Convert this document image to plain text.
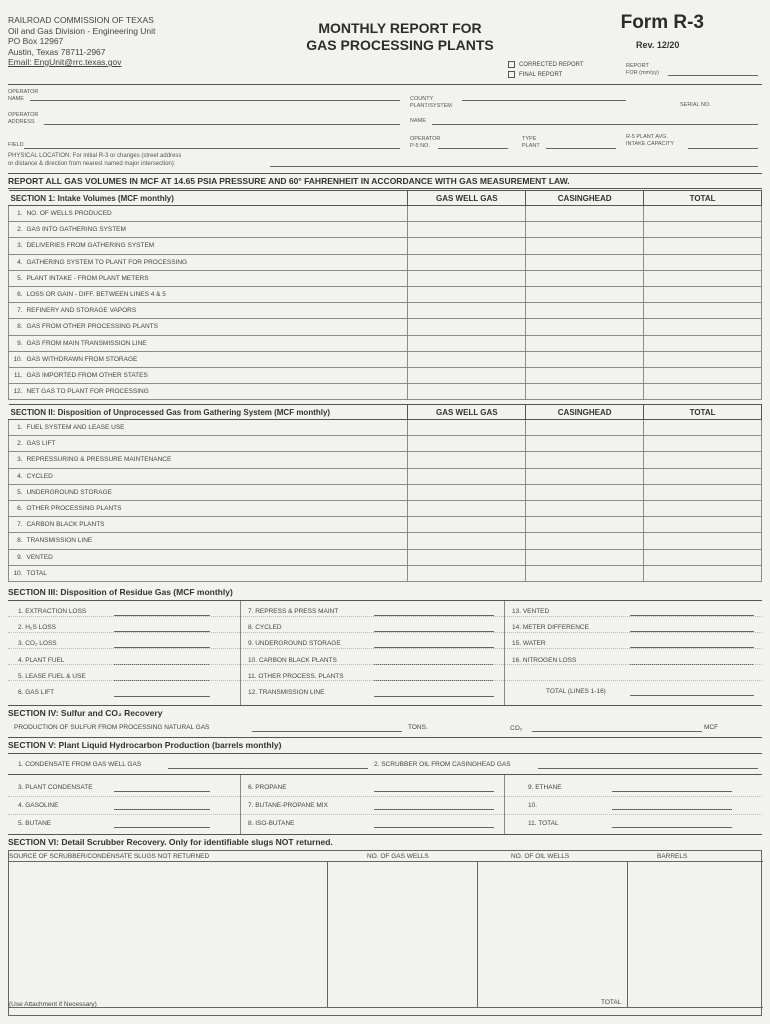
RAILROAD COMMISSION OF TEXAS
Oil and Gas Division - Engineering Unit
PO Box 12967
Austin, Texas 78711-2967
Email: EngUnit@rrc.texas.gov
MONTHLY REPORT FOR
GAS PROCESSING PLANTS
Form R-3
Rev. 12/20
CORRECTED REPORT
FINAL REPORT
REPORT
FOR (mm/yy)
OPERATOR
NAME	COUNTY
PLANT/SYSTEM	SERIAL NO.
OPERATOR
ADDRESS	NAME
FIELD
OPERATOR
P-5 NO.
TYPE
PLANT
R-5 PLANT AVG.
INTAKE CAPACITY
PHYSICAL LOCATION: For initial R-3 or changes (street address
or distance & direction from nearest named major intersection):
REPORT ALL GAS VOLUMES IN MCF AT 14.65 PSIA PRESSURE AND 60° FAHRENHEIT IN ACCORDANCE WITH GAS MEASUREMENT LAW.
SECTION 1: Intake Volumes (MCF monthly)		GAS WELL GAS	CASINGHEAD	TOTAL
1.	NO. OF WELLS PRODUCED			
2.	GAS INTO GATHERING SYSTEM			
3.	DELIVERIES FROM GATHERING SYSTEM			
4.	GATHERING SYSTEM TO PLANT FOR PROCESSING			
5.	PLANT INTAKE - FROM PLANT METERS			
6.	LOSS OR GAIN - DIFF. BETWEEN LINES 4 & 5			
7.	REFINERY AND STORAGE VAPORS			
8.	GAS FROM OTHER PROCESSING PLANTS			
9.	GAS FROM MAIN TRANSMISSION LINE			
10.	GAS WITHDRAWN FROM STORAGE			
11.	GAS IMPORTED FROM OTHER STATES			
12.	NET GAS TO PLANT FOR PROCESSING			
SECTION II: Disposition of Unprocessed Gas from Gathering System (MCF monthly)		GAS WELL GAS	CASINGHEAD	TOTAL
1.	FUEL SYSTEM AND LEASE USE			
2.	GAS LIFT			
3.	REPRESSURING & PRESSURE MAINTENANCE			
4.	CYCLED			
5.	UNDERGROUND STORAGE			
6.	OTHER PROCESSING PLANTS			
7.	CARBON BLACK PLANTS			
8.	TRANSMISSION LINE			
9.	VENTED			
10.	TOTAL			
SECTION III: Disposition of Residue Gas (MCF monthly)
1. EXTRACTION LOSS	7. REPRESS & PRESS MAINT
2. H₂S LOSS	8. CYCLED
3. CO₂ LOSS	9. UNDERGROUND STORAGE
4. PLANT FUEL	10. CARBON BLACK PLANTS
5. LEASE FUEL & USE	11. OTHER PROCESS. PLANTS
6. GAS LIFT	12. TRANSMISSION LINE
13. VENTED
14. METER DIFFERENCE
15. WATER
16. NITROGEN LOSS
TOTAL (LINES 1-16)
SECTION IV: Sulfur and CO₂ Recovery
PRODUCTION OF SULFUR FROM PROCESSING NATURAL GAS	TONS.	CO₂	MCF
SECTION V: Plant Liquid Hydrocarbon Production (barrels monthly)
1. CONDENSATE FROM GAS WELL GAS	2. SCRUBBER OIL FROM CASINGHEAD GAS
3. PLANT CONDENSATE	6. PROPANE	9. ETHANE
4. GASOLINE	7. BUTANE-PROPANE MIX	10.
5. BUTANE	8. ISO-BUTANE	11. TOTAL
SECTION VI: Detail Scrubber Recovery. Only for identifiable slugs NOT returned.
SOURCE OF SCRUBBER/CONDENSATE SLUGS NOT RETURNED	NO. OF GAS WELLS	NO. OF OIL WELLS	BARRELS
(Use Attachment if Necessary)	TOTAL
